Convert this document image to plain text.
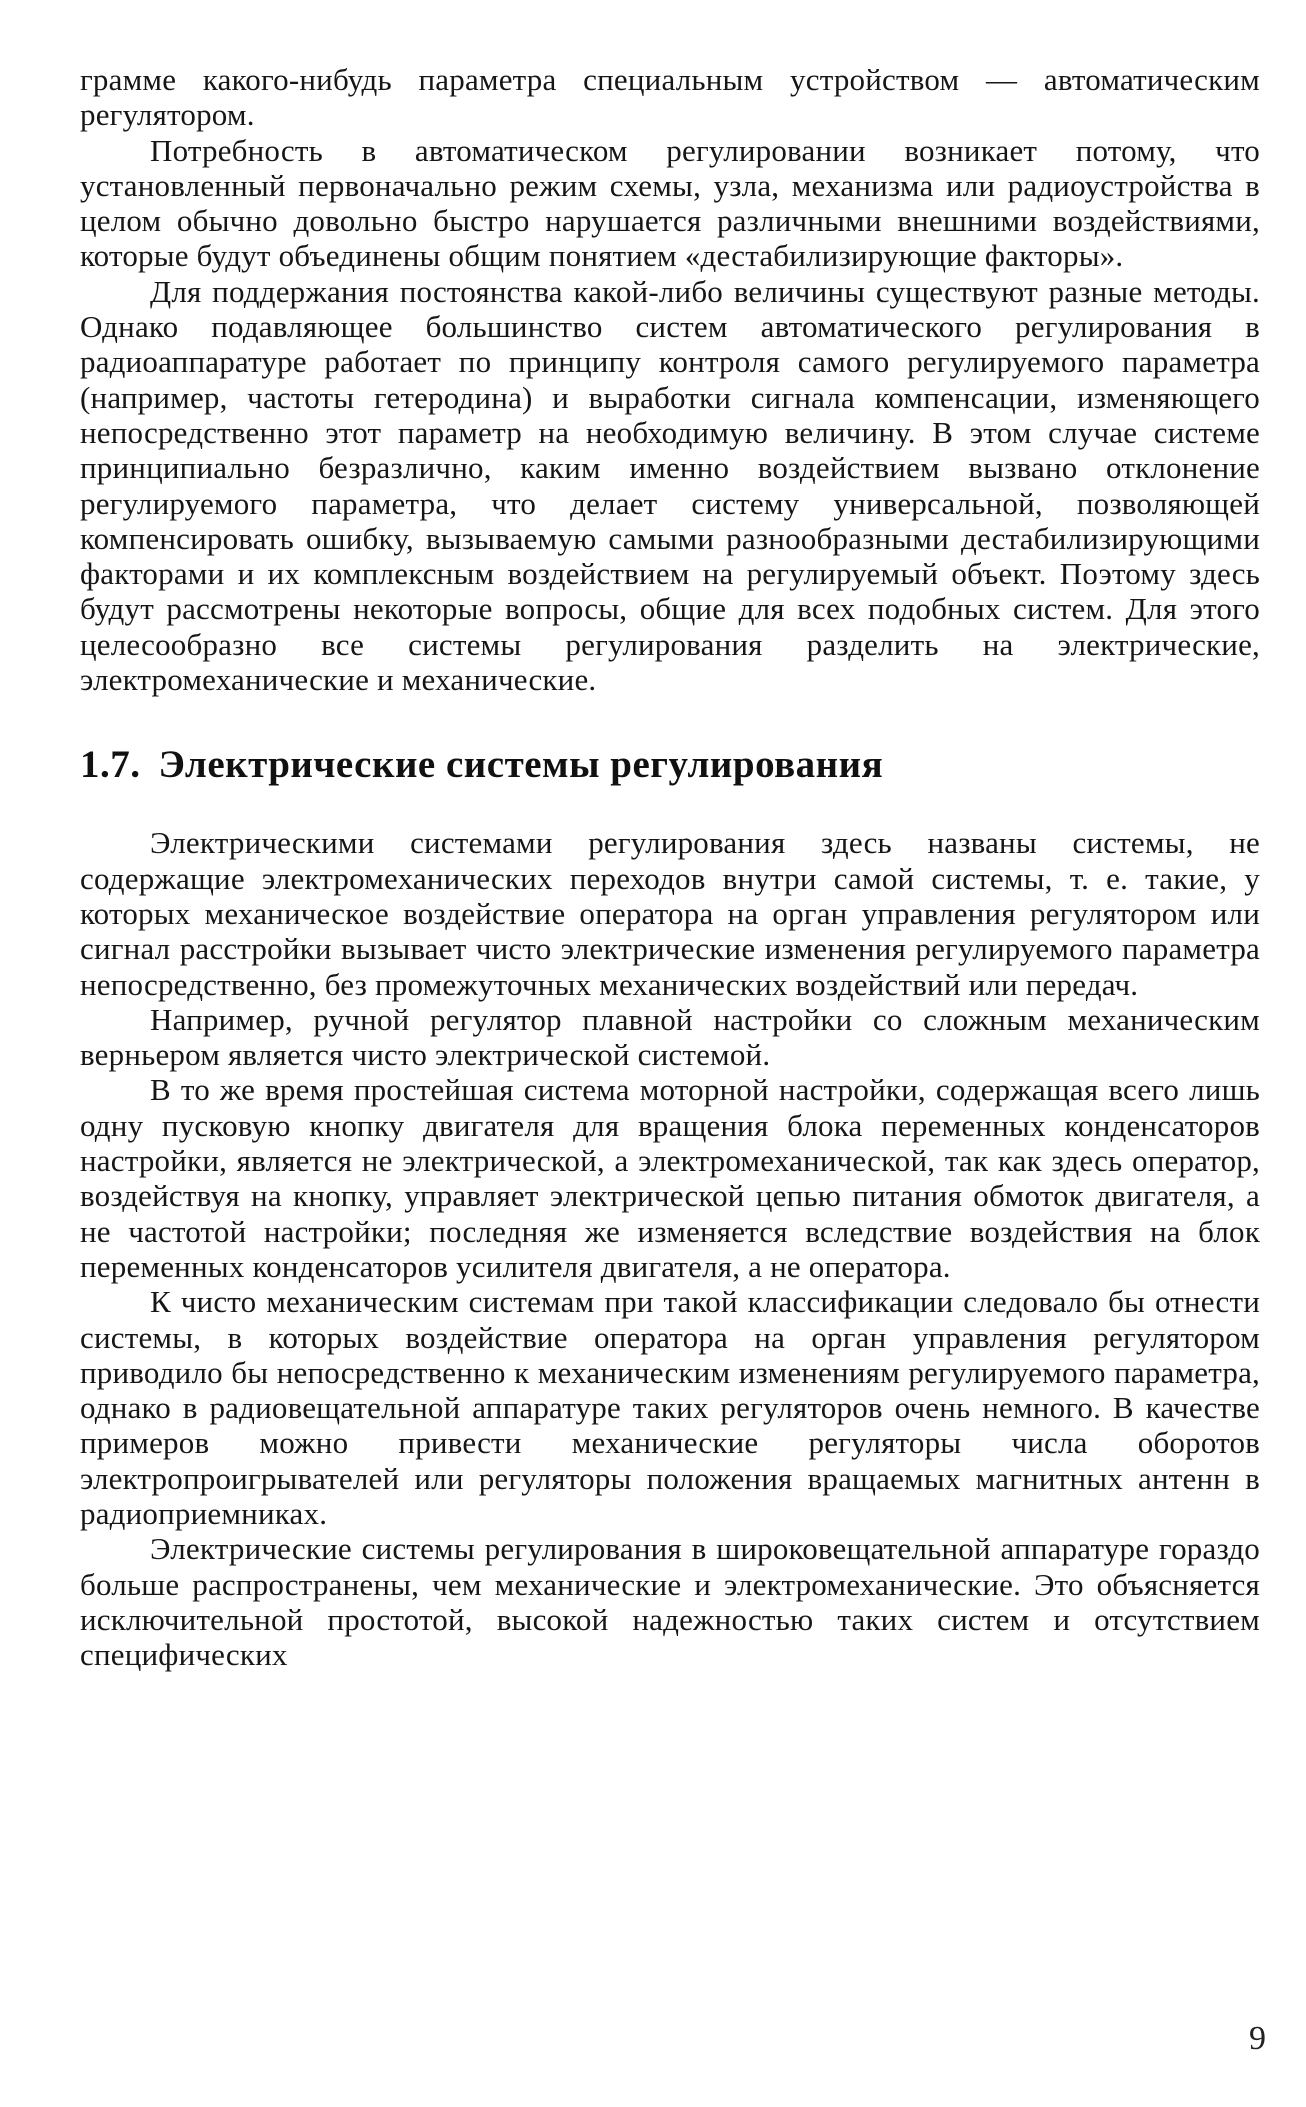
грамме какого-нибудь параметра специальным устройством — автоматическим регулятором.

Потребность в автоматическом регулировании возникает потому, что установленный первоначально режим схемы, узла, механизма или радиоустройства в целом обычно довольно быстро нарушается различными внешними воздействиями, которые будут объединены общим понятием «дестабилизирующие факторы».

Для поддержания постоянства какой-либо величины существуют разные методы. Однако подавляющее большинство систем автоматического регулирования в радиоаппаратуре работает по принципу контроля самого регулируемого параметра (например, частоты гетеродина) и выработки сигнала компенсации, изменяющего непосредственно этот параметр на необходимую величину. В этом случае системе принципиально безразлично, каким именно воздействием вызвано отклонение регулируемого параметра, что делает систему универсальной, позволяющей компенсировать ошибку, вызываемую самыми разнообразными дестабилизирующими факторами и их комплексным воздействием на регулируемый объект. Поэтому здесь будут рассмотрены некоторые вопросы, общие для всех подобных систем. Для этого целесообразно все системы регулирования разделить на электрические, электромеханические и механические.

1.7. Электрические системы регулирования

Электрическими системами регулирования здесь названы системы, не содержащие электромеханических переходов внутри самой системы, т. е. такие, у которых механическое воздействие оператора на орган управления регулятором или сигнал расстройки вызывает чисто электрические изменения регулируемого параметра непосредственно, без промежуточных механических воздействий или передач.

Например, ручной регулятор плавной настройки со сложным механическим верньером является чисто электрической системой.

В то же время простейшая система моторной настройки, содержащая всего лишь одну пусковую кнопку двигателя для вращения блока переменных конденсаторов настройки, является не электрической, а электромеханической, так как здесь оператор, воздействуя на кнопку, управляет электрической цепью питания обмоток двигателя, а не частотой настройки; последняя же изменяется вследствие воздействия на блок переменных конденсаторов усилителя двигателя, а не оператора.

К чисто механическим системам при такой классификации следовало бы отнести системы, в которых воздействие оператора на орган управления регулятором приводило бы непосредственно к механическим изменениям регулируемого параметра, однако в радиовещательной аппаратуре таких регуляторов очень немного. В качестве примеров можно привести механические регуляторы числа оборотов электропроигрывателей или регуляторы положения вращаемых магнитных антенн в радиоприемниках.

Электрические системы регулирования в широковещательной аппаратуре гораздо больше распространены, чем механические и электромеханические. Это объясняется исключительной простотой, высокой надежностью таких систем и отсутствием специфических

9
